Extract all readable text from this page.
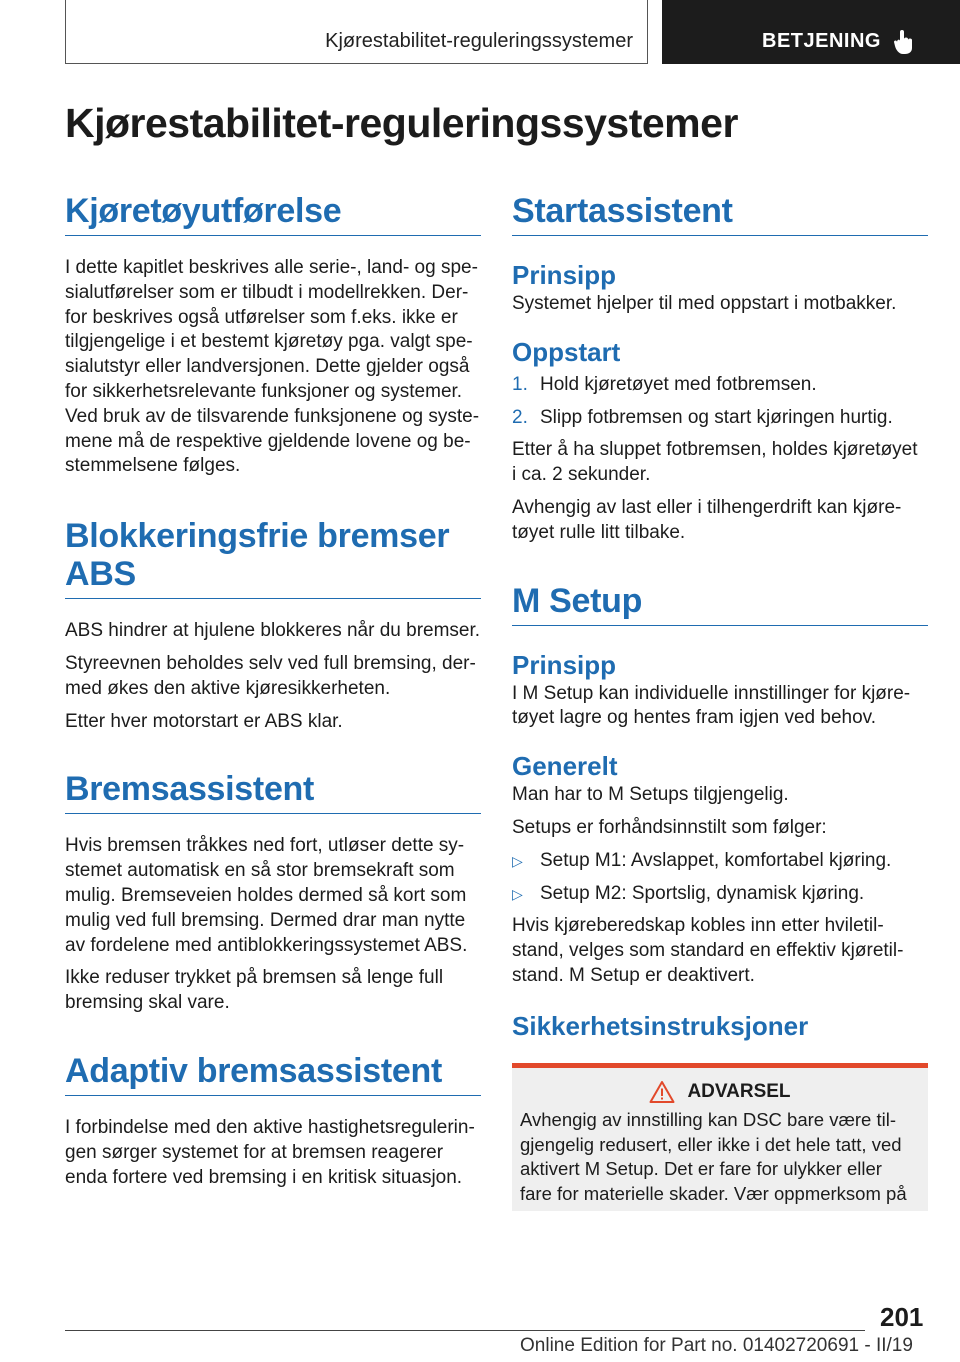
Kjørestabilitet-reguleringssystemer	BETJENING
Kjørestabilitet-reguleringssystemer
Kjøretøyutførelse

I dette kapitlet beskrives alle serie-, land- og spe-
sialutførelser som er tilbudt i modellrekken. Der-
for beskrives også utførelser som f.eks. ikke er
tilgjengelige i et bestemt kjøretøy pga. valgt spe-
sialutstyr eller landversjonen. Dette gjelder også
for sikkerhetsrelevante funksjoner og systemer.
Ved bruk av de tilsvarende funksjonene og syste-
mene må de respektive gjeldende lovene og be-
stemmelsene følges.

Blokkeringsfrie bremser
ABS

ABS hindrer at hjulene blokkeres når du bremser.

Styreevnen beholdes selv ved full bremsing, der-
med økes den aktive kjøresikkerheten.

Etter hver motorstart er ABS klar.

Bremsassistent

Hvis bremsen tråkkes ned fort, utløser dette sy-
stemet automatisk en så stor bremsekraft som
mulig. Bremseveien holdes dermed så kort som
mulig ved full bremsing. Dermed drar man nytte
av fordelene med antiblokkeringssystemet ABS.

Ikke reduser trykket på bremsen så lenge full
bremsing skal vare.

Adaptiv bremsassistent

I forbindelse med den aktive hastighetsregulerin-
gen sørger systemet for at bremsen reagerer
enda fortere ved bremsing i en kritisk situasjon.

Startassistent
Prinsipp

Systemet hjelper til med oppstart i motbakker.

Oppstart
1. Hold kjøretøyet med fotbremsen.
2. Slipp fotbremsen og start kjøringen hurtig.

Etter å ha sluppet fotbremsen, holdes kjøretøyet
i ca. 2 sekunder.

Avhengig av last eller i tilhengerdrift kan kjøre-
tøyet rulle litt tilbake.

M Setup
Prinsipp

I M Setup kan individuelle innstillinger for kjøre-
tøyet lagre og hentes fram igjen ved behov.

Generelt

Man har to M Setups tilgjengelig.

Setups er forhåndsinnstilt som følger:

▷ Setup M1: Avslappet, komfortabel kjøring.
▷ Setup M2: Sportslig, dynamisk kjøring.

Hvis kjøreberedskap kobles inn etter hviletil-
stand, velges som standard en effektiv kjøretil-
stand. M Setup er deaktivert.

Sikkerhetsinstruksjoner
ADVARSEL

Avhengig av innstilling kan DSC bare være til-
gjengelig redusert, eller ikke i det hele tatt, ved
aktivert M Setup. Det er fare for ulykker eller
fare for materielle skader. Vær oppmerksom på

201
Online Edition for Part no. 01402720691 - II/19
